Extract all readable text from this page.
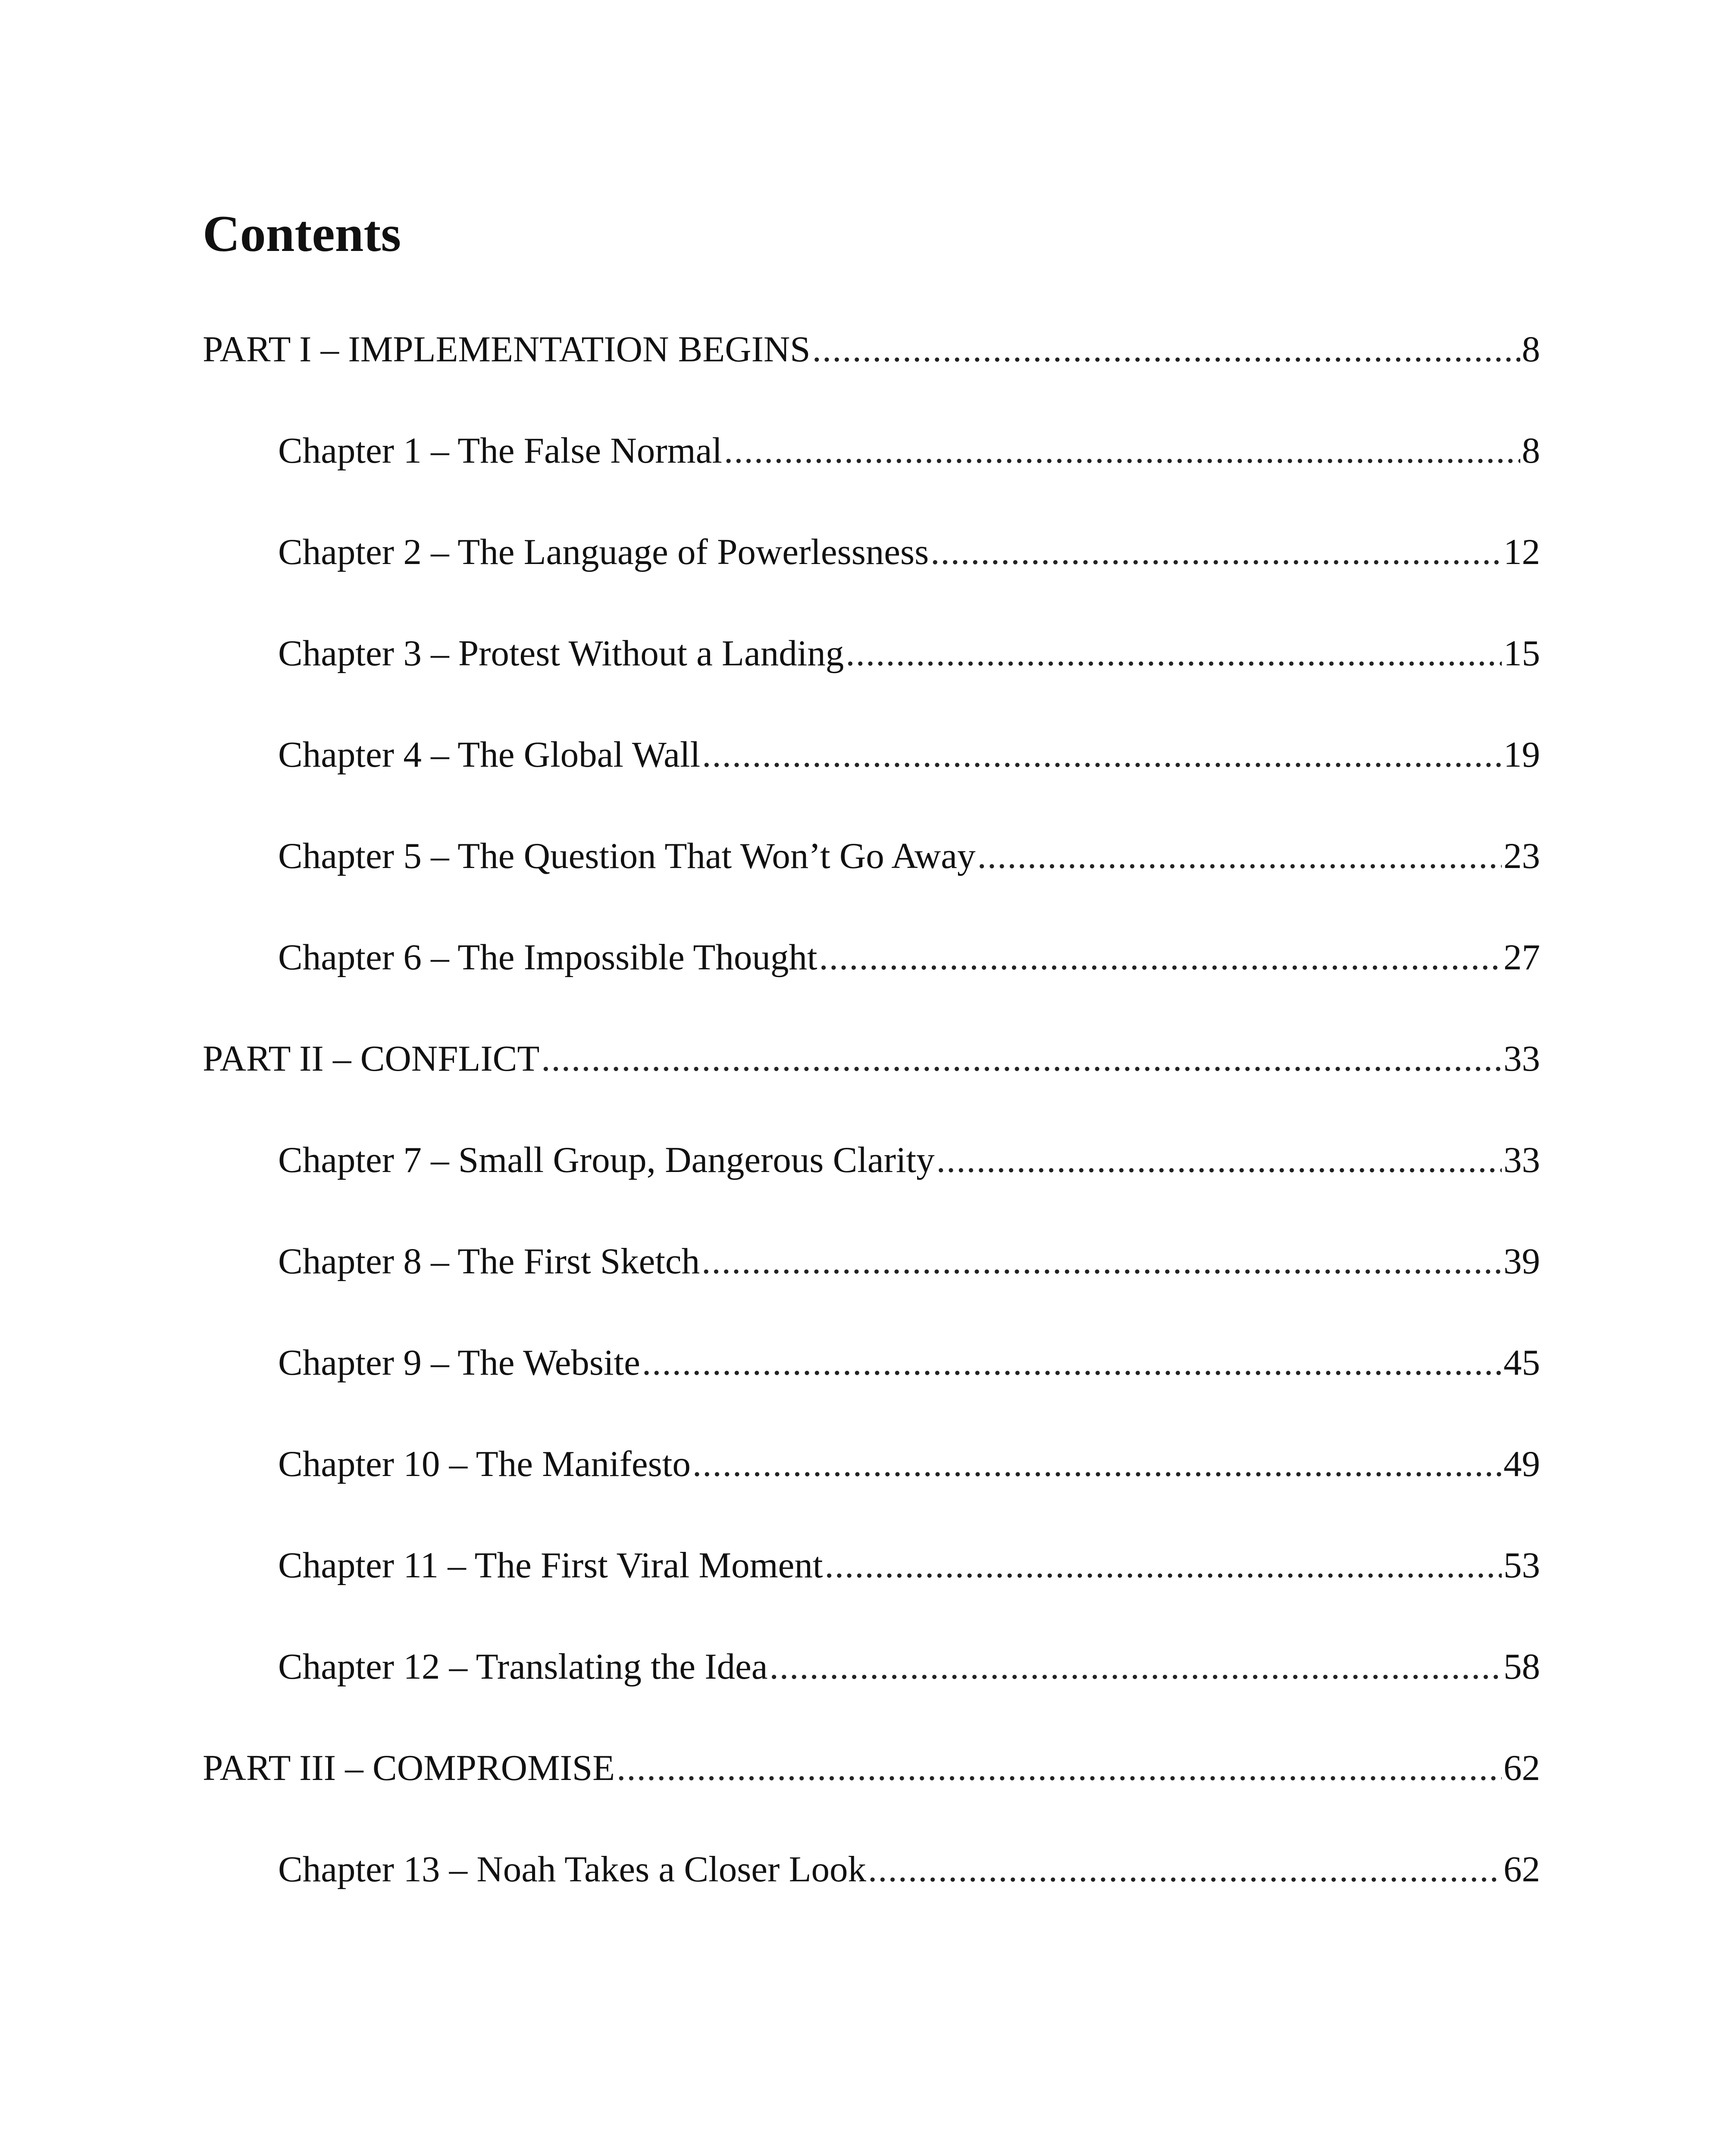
Contents
PART I – IMPLEMENTATION BEGINS .....	8
Chapter 1 – The False Normal .....	8
Chapter 2 – The Language of Powerlessness .....	12
Chapter 3 – Protest Without a Landing .....	15
Chapter 4 – The Global Wall .....	19
Chapter 5 – The Question That Won’t Go Away .....	23
Chapter 6 – The Impossible Thought .....	27
PART II – CONFLICT .....	33
Chapter 7 – Small Group, Dangerous Clarity .....	33
Chapter 8 – The First Sketch .....	39
Chapter 9 – The Website .....	45
Chapter 10 – The Manifesto .....	49
Chapter 11 – The First Viral Moment .....	53
Chapter 12 – Translating the Idea .....	58
PART III – COMPROMISE .....	62
Chapter 13 – Noah Takes a Closer Look .....	62
